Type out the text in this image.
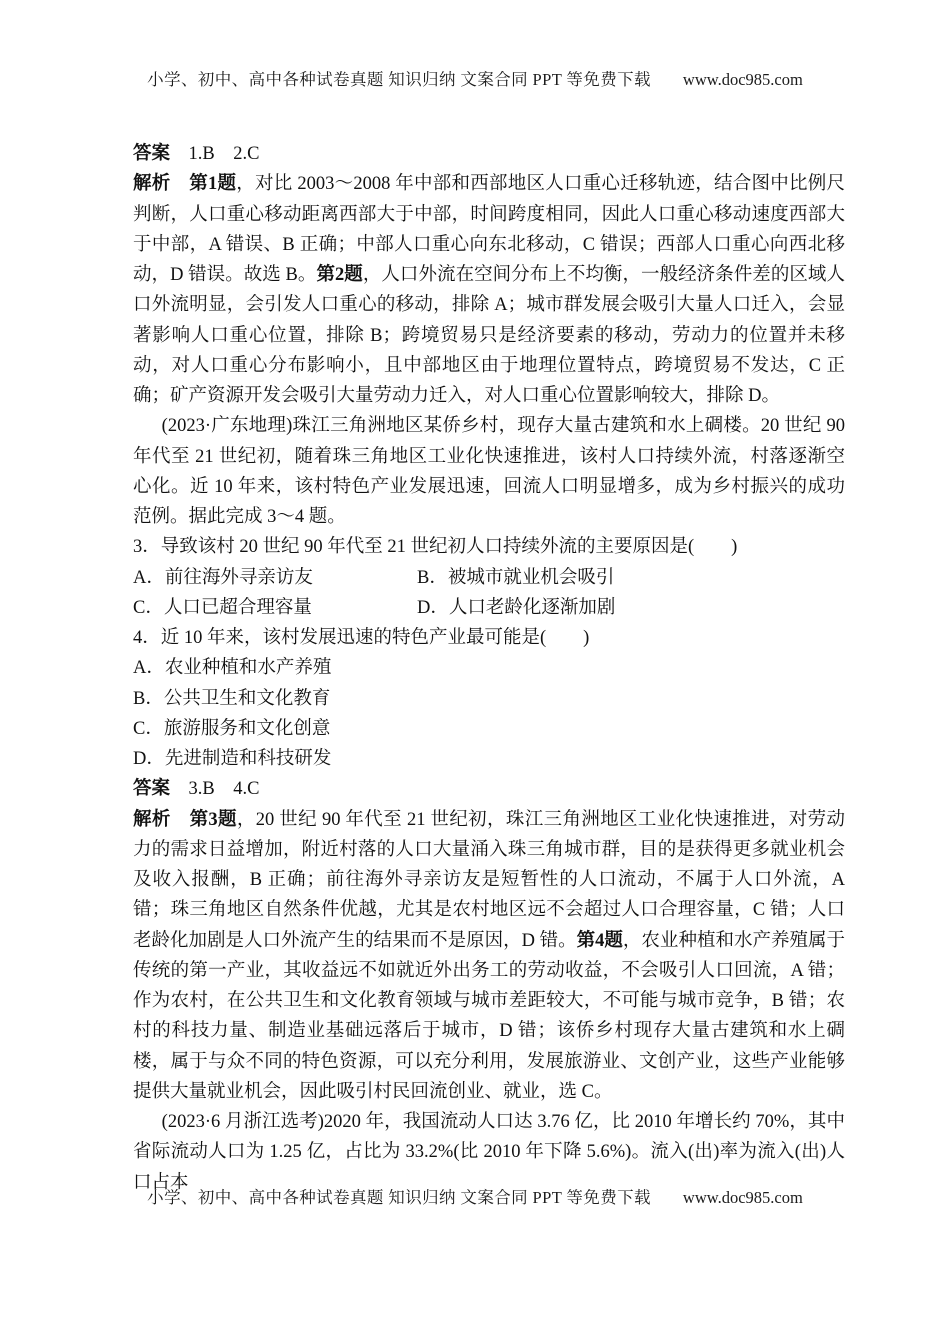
小学、初中、高中各种试卷真题 知识归纳 文案合同 PPT 等免费下载 www.doc985.com
答案　1.B　2.C
解析　 第1题，对比 2003～2008 年中部和西部地区人口重心迁移轨迹，结合图中比例尺判断，人口重心移动距离西部大于中部，时间跨度相同，因此人口重心移动速度西部大于中部，A 错误、B 正确；中部人口重心向东北移动，C 错误；西部人口重心向西北移动，D 错误。故选 B。第2题，人口外流在空间分布上不均衡，一般经济条件差的区域人口外流明显，会引发人口重心的移动，排除 A；城市群发展会吸引大量人口迁入，会显著影响人口重心位置，排除 B；跨境贸易只是经济要素的移动，劳动力的位置并未移动，对人口重心分布影响小，且中部地区由于地理位置特点，跨境贸易不发达，C 正确；矿产资源开发会吸引大量劳动力迁入，对人口重心位置影响较大，排除 D。
(2023·广东地理)珠江三角洲地区某侨乡村，现存大量古建筑和水上碉楼。20 世纪 90 年代至 21 世纪初，随着珠三角地区工业化快速推进，该村人口持续外流，村落逐渐空心化。近 10 年来，该村特色产业发展迅速，回流人口明显增多，成为乡村振兴的成功范例。据此完成 3～4 题。
3．导致该村 20 世纪 90 年代至 21 世纪初人口持续外流的主要原因是(　　)
A．前往海外寻亲访友	B．被城市就业机会吸引
C．人口已超合理容量	D．人口老龄化逐渐加剧
4．近 10 年来，该村发展迅速的特色产业最可能是(　　)
A．农业种植和水产养殖
B．公共卫生和文化教育
C．旅游服务和文化创意
D．先进制造和科技研发
答案　3.B　4.C
解析　 第3题，20 世纪 90 年代至 21 世纪初，珠江三角洲地区工业化快速推进，对劳动力的需求日益增加，附近村落的人口大量涌入珠三角城市群，目的是获得更多就业机会及收入报酬，B 正确；前往海外寻亲访友是短暂性的人口流动，不属于人口外流，A 错；珠三角地区自然条件优越，尤其是农村地区远不会超过人口合理容量，C 错；人口老龄化加剧是人口外流产生的结果而不是原因，D 错。第4题，农业种植和水产养殖属于传统的第一产业，其收益远不如就近外出务工的劳动收益，不会吸引人口回流，A 错；作为农村，在公共卫生和文化教育领域与城市差距较大，不可能与城市竞争，B 错；农村的科技力量、制造业基础远落后于城市，D 错；该侨乡村现存大量古建筑和水上碉楼，属于与众不同的特色资源，可以充分利用，发展旅游业、文创产业，这些产业能够提供大量就业机会，因此吸引村民回流创业、就业，选 C。
(2023·6 月浙江选考)2020 年，我国流动人口达 3.76 亿，比 2010 年增长约 70%，其中省际流动人口为 1.25 亿，占比为 33.2%(比 2010 年下降 5.6%)。流入(出)率为流入(出)人口占本
小学、初中、高中各种试卷真题 知识归纳 文案合同 PPT 等免费下载 www.doc985.com
